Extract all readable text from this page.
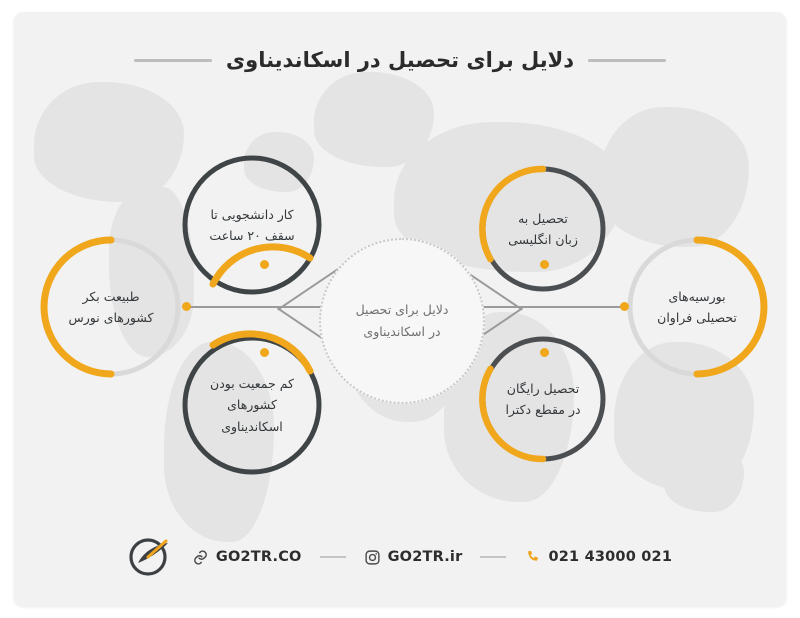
دلایل برای تحصیل در اسکاندیناوی
دلایل برای تحصیل
در اسکاندیناوی
تحصیل به
زبان انگلیسی
بورسیه‌های
تحصیلی فراوان
تحصیل رایگان
در مقطع دکترا
کم جمعیت بودن
کشورهای
اسکاندیناوی
طبیعت بکر
کشورهای نورس
کار دانشجویی تا
سقف ۲۰ ساعت
GO2TR.CO	GO2TR.ir	021 43000 021
